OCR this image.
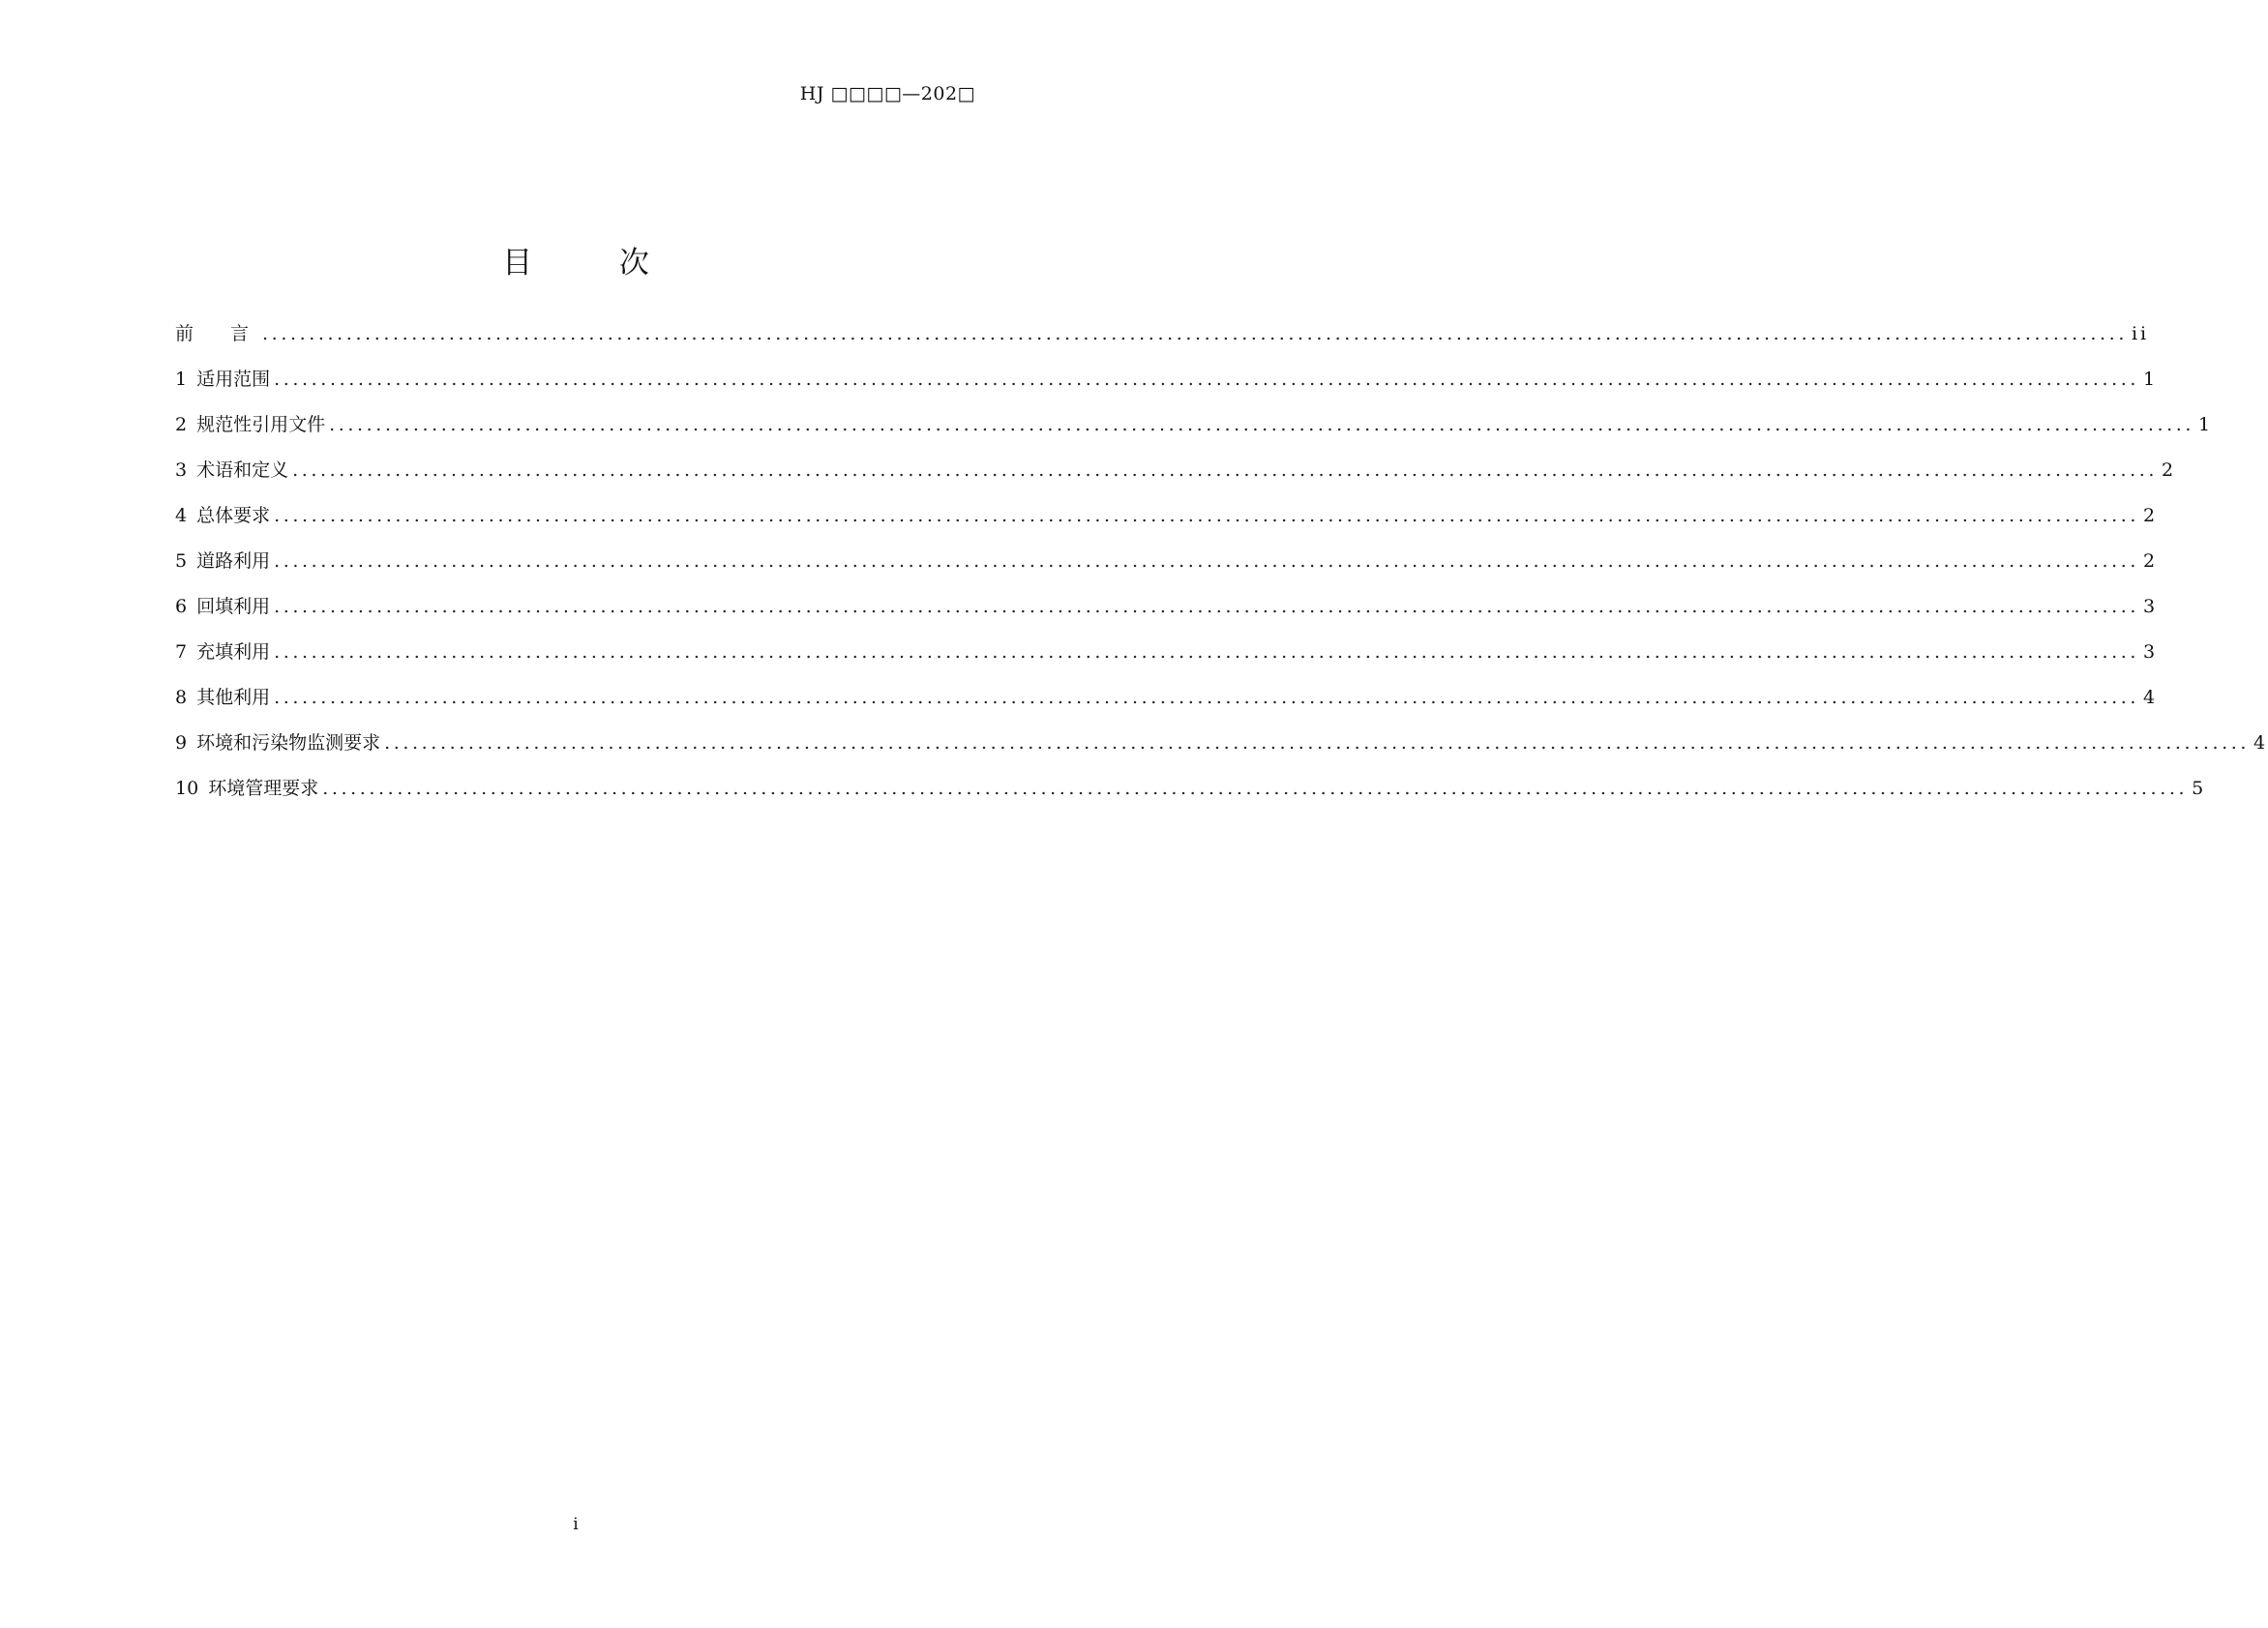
HJ □□□□—202□
目 次
前 言
........................................................................................................................................................................................................ ii
1 适用范围 ........................................................................................................................................................................................................ 1
2 规范性引用文件 ........................................................................................................................................................................................................ 1
3 术语和定义 ........................................................................................................................................................................................................ 2
4 总体要求 ........................................................................................................................................................................................................ 2
5 道路利用 ........................................................................................................................................................................................................ 2
6 回填利用 ........................................................................................................................................................................................................ 3
7 充填利用 ........................................................................................................................................................................................................ 3
8 其他利用 ........................................................................................................................................................................................................ 4
9 环境和污染物监测要求 ........................................................................................................................................................................................................ 4
10 环境管理要求 ........................................................................................................................................................................................................ 5
i
